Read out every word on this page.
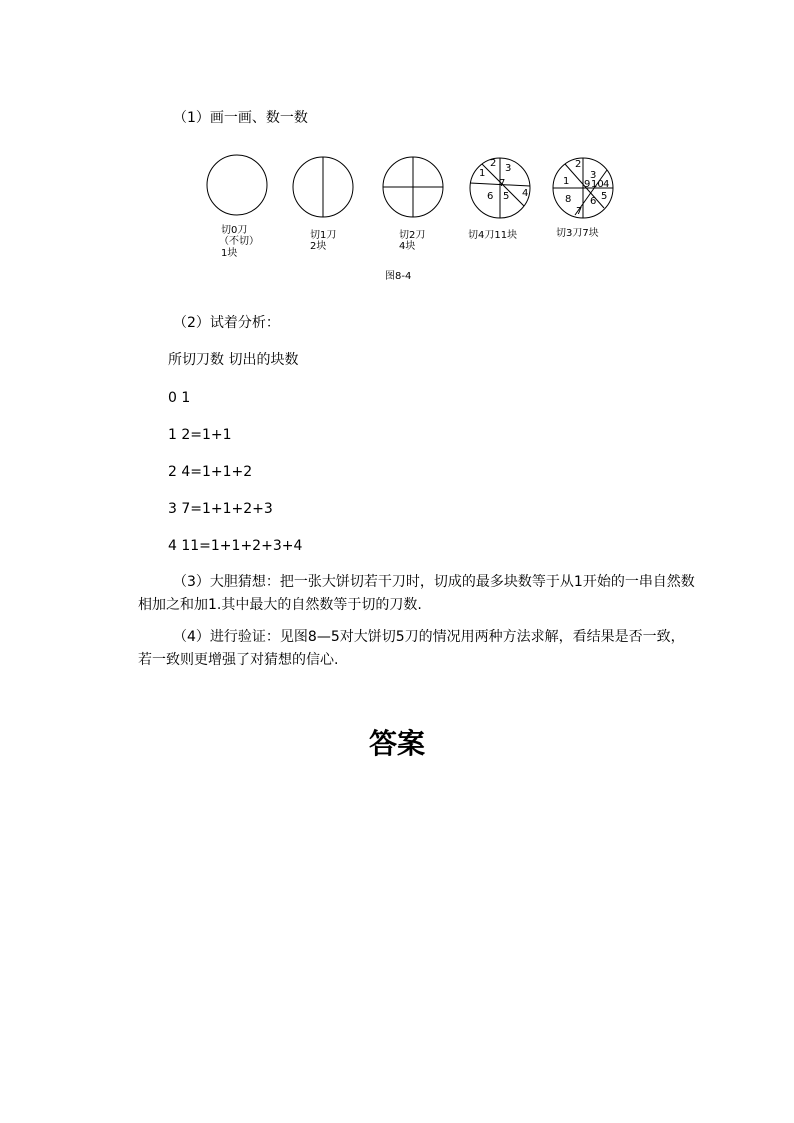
（1）画一画、数一数
1
2 3
7
6 5 4
1
2
3
4
5
6
7
8
9 10
切0刀
（不切）
1块
切1刀
2块
切2刀
4块
切4刀11块	切3刀7块
图8-4
（2）试着分析：
所切刀数 切出的块数
0 1
1 2=1+1
2 4=1+1+2
3 7=1+1+2+3
4 11=1+1+2+3+4
（3）大胆猜想：把一张大饼切若干刀时，切成的最多块数等于从1开始的一串自然数相加之和加1.其中最大的自然数等于切的刀数.
（4）进行验证：见图8—5对大饼切5刀的情况用两种方法求解，看结果是否一致，若一致则更增强了对猜想的信心.
答案
